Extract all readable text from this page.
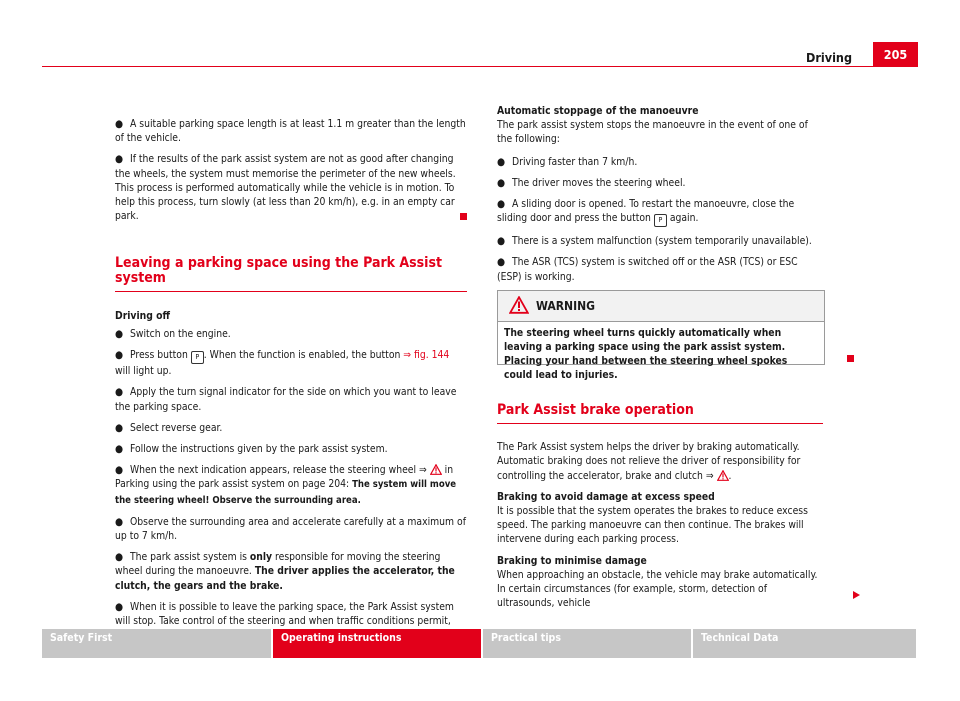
Driving	205

● A suitable parking space length is at least 1.1 m greater than the length of the vehicle.

● If the results of the park assist system are not as good after changing the wheels, the system must memorise the perimeter of the new wheels. This process is performed automatically while the vehicle is in motion. To help this process, turn slowly (at less than 20 km/h), e.g. in an empty car park.

Leaving a parking space using the Park Assist system

Driving off

● Switch on the engine.

● Press button P . When the function is enabled, the button ⇒ fig. 144 will light up.

● Apply the turn signal indicator for the side on which you want to leave the parking space.

● Select reverse gear.

● Follow the instructions given by the park assist system.

● When the next indication appears, release the steering wheel ⇒  in Parking using the park assist system on page 204: The system will move the steering wheel! Observe the surrounding area.

● Observe the surrounding area and accelerate carefully at a maximum of up to 7 km/h.

● The park assist system is only responsible for moving the steering wheel during the manoeuvre. The driver applies the accelerator, the clutch, the gears and the brake.

● When it is possible to leave the parking space, the Park Assist system will stop. Take control of the steering and when traffic conditions permit,

Automatic stoppage of the manoeuvre

The park assist system stops the manoeuvre in the event of one of the following:

● Driving faster than 7 km/h.

● The driver moves the steering wheel.

● A sliding door is opened. To restart the manoeuvre, close the sliding door and press the button P again.

● There is a system malfunction (system temporarily unavailable).

● The ASR (TCS) system is switched off or the ASR (TCS) or ESC (ESP) is working.

WARNING
The steering wheel turns quickly automatically when leaving a parking space using the park assist system. Placing your hand between the steering wheel spokes could lead to injuries.
Park Assist brake operation

The Park Assist system helps the driver by braking automatically. Automatic braking does not relieve the driver of responsibility for controlling the accelerator, brake and clutch ⇒ .

Braking to avoid damage at excess speed

It is possible that the system operates the brakes to reduce excess speed. The parking manoeuvre can then continue. The brakes will intervene during each parking process.

Braking to minimise damage

When approaching an obstacle, the vehicle may brake automatically. In certain circumstances (for example, storm, detection of ultrasounds, vehicle

Safety First	Operating instructions	Practical tips	Technical Data
